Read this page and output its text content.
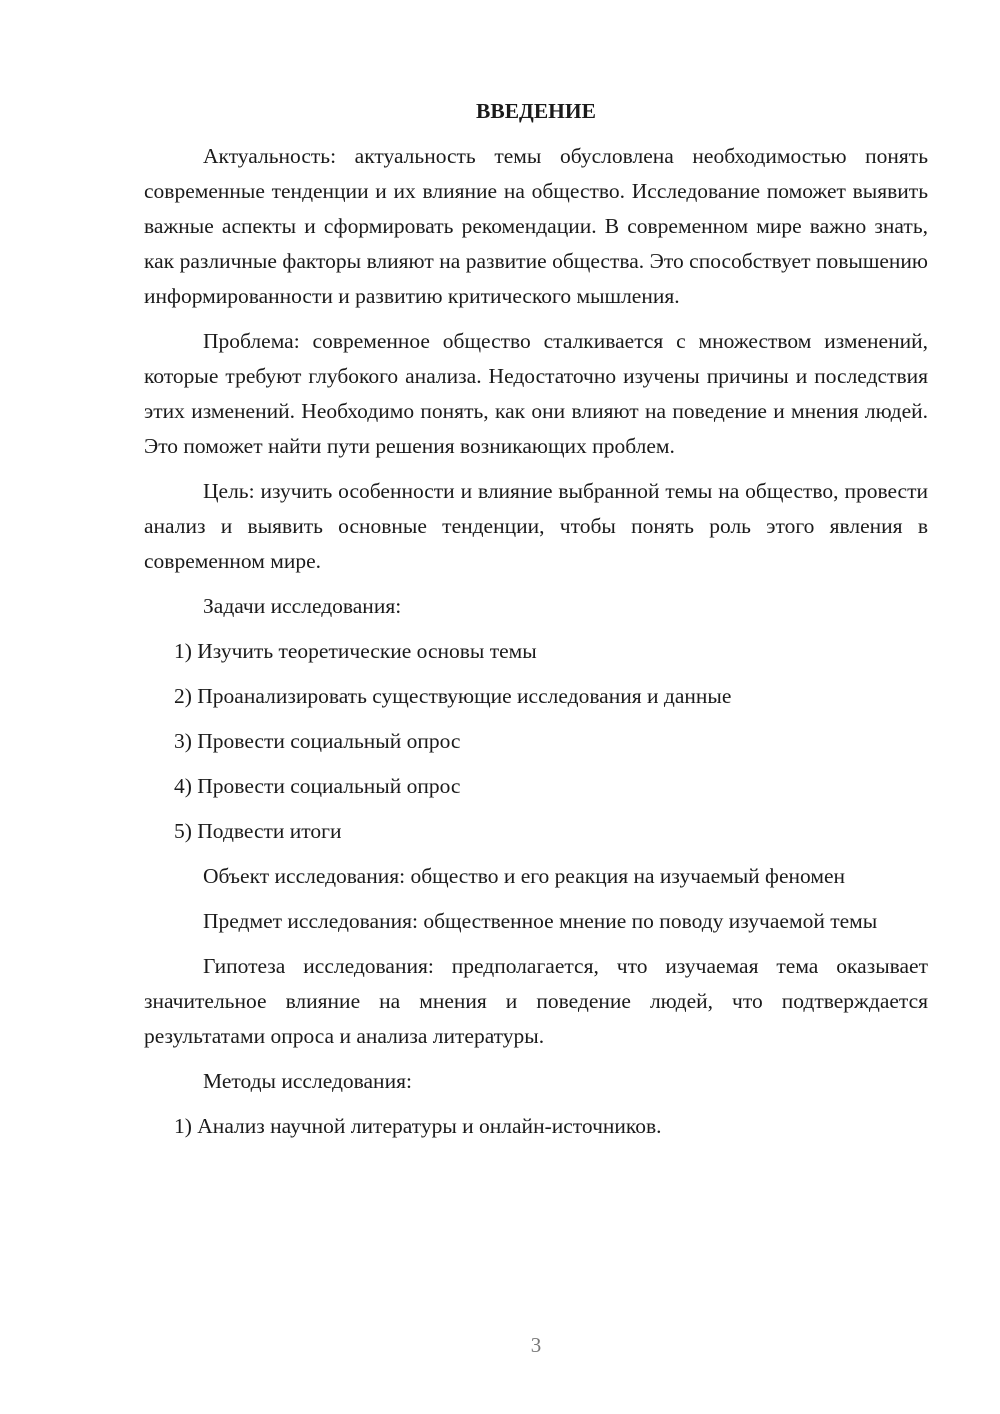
ВВЕДЕНИЕ

Актуальность: актуальность темы обусловлена необходимостью понять современные тенденции и их влияние на общество. Исследование поможет выявить важные аспекты и сформировать рекомендации. В современном мире важно знать, как различные факторы влияют на развитие общества. Это способствует повышению информированности и развитию критического мышления.

Проблема: современное общество сталкивается с множеством изменений, которые требуют глубокого анализа. Недостаточно изучены причины и последствия этих изменений. Необходимо понять, как они влияют на поведение и мнения людей. Это поможет найти пути решения возникающих проблем.

Цель: изучить особенности и влияние выбранной темы на общество, провести анализ и выявить основные тенденции, чтобы понять роль этого явления в современном мире.

Задачи исследования:

1) Изучить теоретические основы темы
2) Проанализировать существующие исследования и данные
3) Провести социальный опрос
4) Провести социальный опрос
5) Подвести итоги

Объект исследования: общество и его реакция на изучаемый феномен

Предмет исследования: общественное мнение по поводу изучаемой темы

Гипотеза исследования: предполагается, что изучаемая тема оказывает значительное влияние на мнения и поведение людей, что подтверждается результатами опроса и анализа литературы.

Методы исследования:

1) Анализ научной литературы и онлайн-источников.
3
